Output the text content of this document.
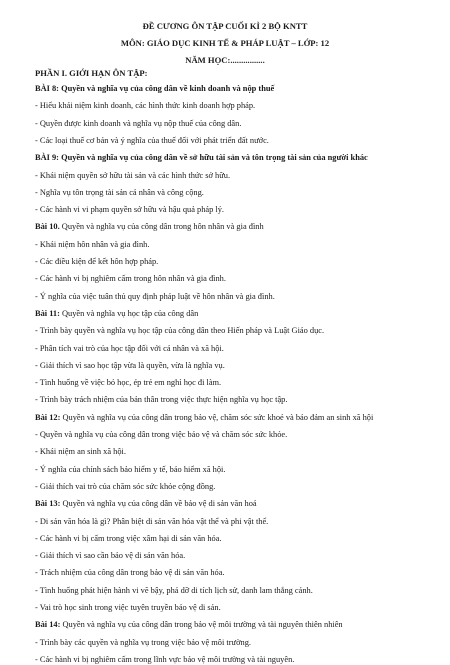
ĐỀ CƯƠNG ÔN TẬP CUỐI KÌ 2 BỘ KNTT
MÔN: GIÁO DỤC KINH TẾ & PHÁP LUẬT – LỚP: 12
NĂM HỌC:................
PHẦN I. GIỚI HẠN ÔN TẬP:
BÀI 8: Quyền và nghĩa vụ của công dân về kinh doanh và nộp thuế
- Hiểu khái niệm kinh doanh, các hình thức kinh doanh hợp pháp.
- Quyền được kinh doanh và nghĩa vụ nộp thuế của công dân.
- Các loại thuế cơ bản và ý nghĩa của thuế đối với phát triển đất nước.
BÀI 9: Quyền và nghĩa vụ của công dân về sở hữu tài sản và tôn trọng tài sản của người khác
- Khái niệm quyền sở hữu tài sản và các hình thức sở hữu.
- Nghĩa vụ tôn trọng tài sản cá nhân và công cộng.
- Các hành vi vi phạm quyền sở hữu và hậu quả pháp lý.
Bài 10. Quyền và nghĩa vụ của công dân trong hôn nhân và gia đình
- Khái niệm hôn nhân và gia đình.
- Các điều kiện để kết hôn hợp pháp.
- Các hành vi bị nghiêm cấm trong hôn nhân và gia đình.
- Ý nghĩa của việc tuân thủ quy định pháp luật về hôn nhân và gia đình.
Bài 11: Quyền và nghĩa vụ học tập của công dân
- Trình bày quyền và nghĩa vụ học tập của công dân theo Hiến pháp và Luật Giáo dục.
- Phân tích vai trò của học tập đối với cá nhân và xã hội.
- Giải thích vì sao học tập vừa là quyền, vừa là nghĩa vụ.
- Tình huống về việc bỏ học, ép trẻ em nghỉ học đi làm.
- Trình bày trách nhiệm của bản thân trong việc thực hiện nghĩa vụ học tập.
Bài 12: Quyền và nghĩa vụ của công dân trong bảo vệ, chăm sóc sức khoẻ và bảo đảm an sinh xã hội
- Quyền và nghĩa vụ của công dân trong việc bảo vệ và chăm sóc sức khỏe.
- Khái niệm an sinh xã hội.
- Ý nghĩa của chính sách bảo hiểm y tế, bảo hiểm xã hội.
- Giải thích vai trò của chăm sóc sức khỏe cộng đồng.
Bài 13: Quyền và nghĩa vụ của công dân về bảo vệ di sản văn hoá
- Di sản văn hóa là gì? Phân biệt di sản văn hóa vật thể và phi vật thể.
- Các hành vi bị cấm trong việc xâm hại di sản văn hóa.
- Giải thích vì sao cần bảo vệ di sản văn hóa.
- Trách nhiệm của công dân trong bảo vệ di sản văn hóa.
- Tình huống phát hiện hành vi vẽ bậy, phá dỡ di tích lịch sử, danh lam thắng cảnh.
- Vai trò học sinh trong việc tuyên truyền bảo vệ di sản.
Bài 14: Quyền và nghĩa vụ của công dân trong bảo vệ môi trường và tài nguyên thiên nhiên
- Trình bày các quyền và nghĩa vụ trong việc bảo vệ môi trường.
- Các hành vi bị nghiêm cấm trong lĩnh vực bảo vệ môi trường và tài nguyên.
